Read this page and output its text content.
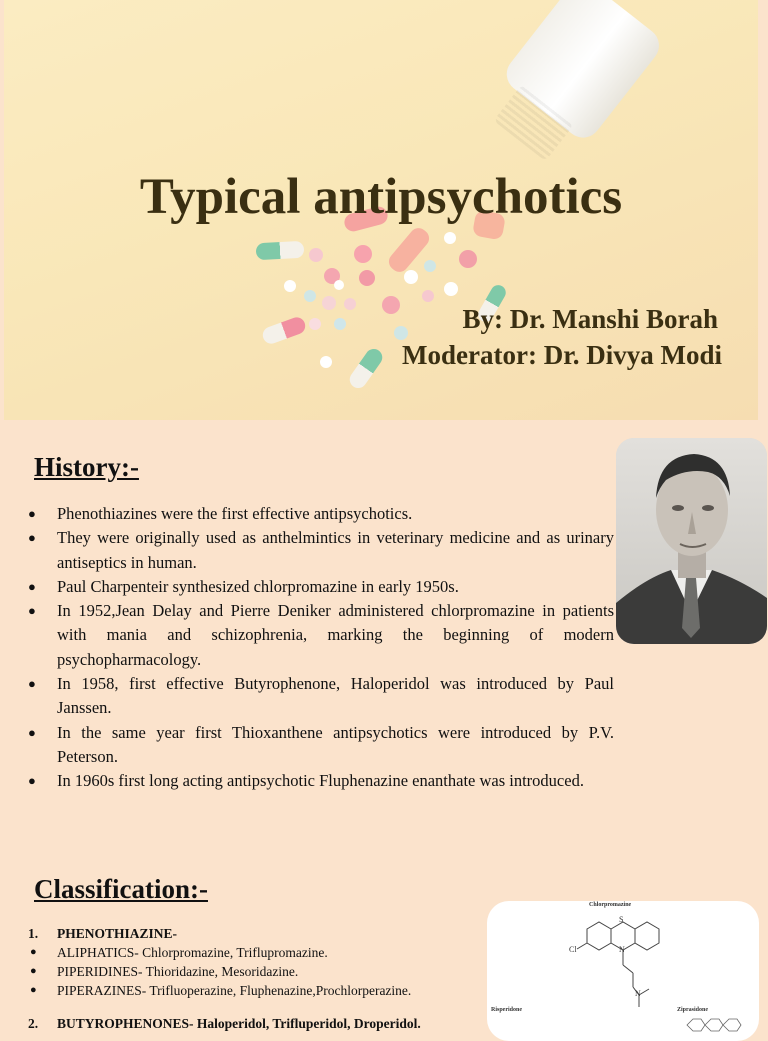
Typical antipsychotics

By: Dr. Manshi Borah

Moderator: Dr. Divya Modi

History:-
● Phenothiazines were the first effective antipsychotics.
● They were originally used as anthelmintics in veterinary medicine and as urinary antiseptics in human.
● Paul Charpenteir synthesized chlorpromazine in early 1950s.
● In 1952,Jean Delay and Pierre Deniker administered chlorpromazine in patients with mania and schizophrenia, marking the beginning of modern psychopharmacology.
● In 1958, first effective Butyrophenone, Haloperidol was introduced by Paul Janssen.
● In the same year first Thioxanthene antipsychotics were introduced by P.V. Peterson.
● In 1960s first long acting antipsychotic Fluphenazine enanthate was introduced.
Classification:-
1. PHENOTHIAZINE-
● ALIPHATICS- Chlorpromazine, Triflupromazine.
● PIPERIDINES- Thioridazine, Mesoridazine.
● PIPERAZINES- Trifluoperazine, Fluphenazine,Prochlorperazine.
2. BUTYROPHENONES- Haloperidol, Trifluperidol, Droperidol.
Chlorpromazine
S
N
Cl
N
Risperidone	Ziprasidone
